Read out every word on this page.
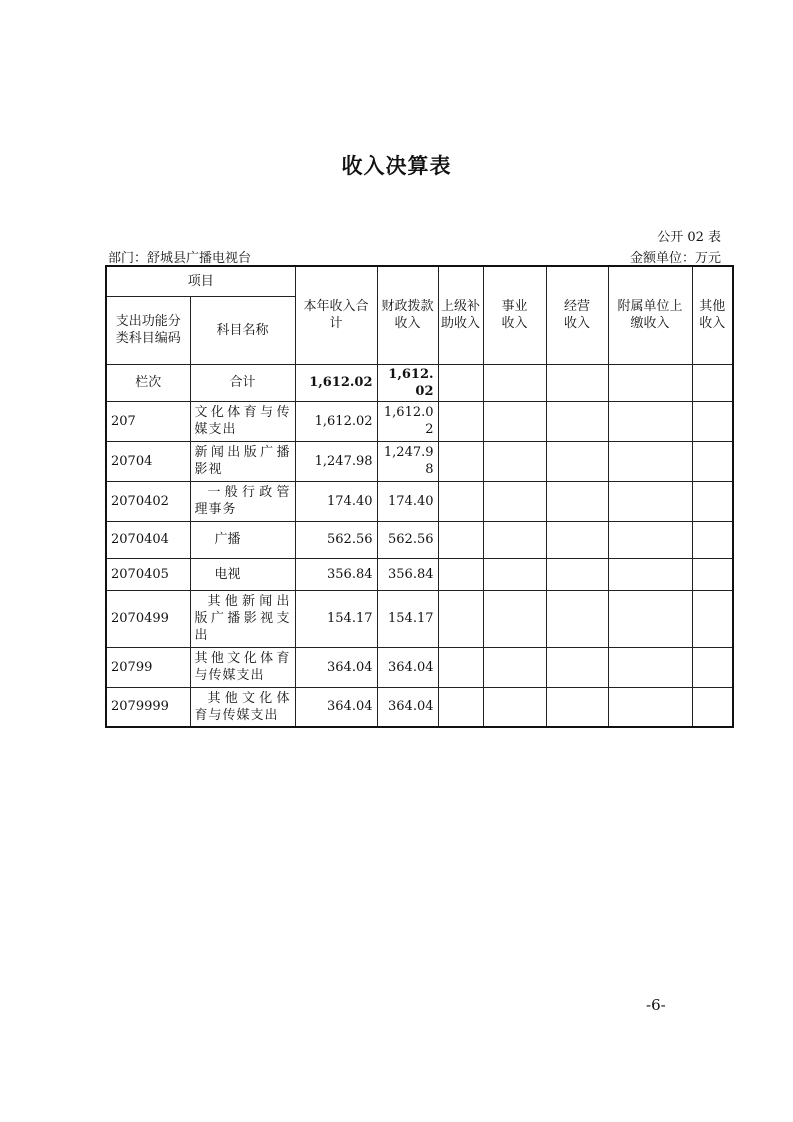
收入决算表
公开 02 表
部门：舒城县广播电视台	金额单位：万元
项目		本年收入合计	财政拨款收入	上级补助收入	事业收入	经营收入	附属单位上缴收入	其他收入
支出功能分类科目编码	科目名称							
栏次	合计	1,612.02	1,612.02					
207	文化体育与传媒支出	1,612.02	1,612.02					
20704	新闻出版广播影视	1,247.98	1,247.98					
2070402	一般行政管理事务	174.40	174.40					
2070404	广播	562.56	562.56					
2070405	电视	356.84	356.84					
2070499	其他新闻出版广播影视支出	154.17	154.17					
20799	其他文化体育与传媒支出	364.04	364.04					
2079999	其他文化体育与传媒支出	364.04	364.04					
-6-
